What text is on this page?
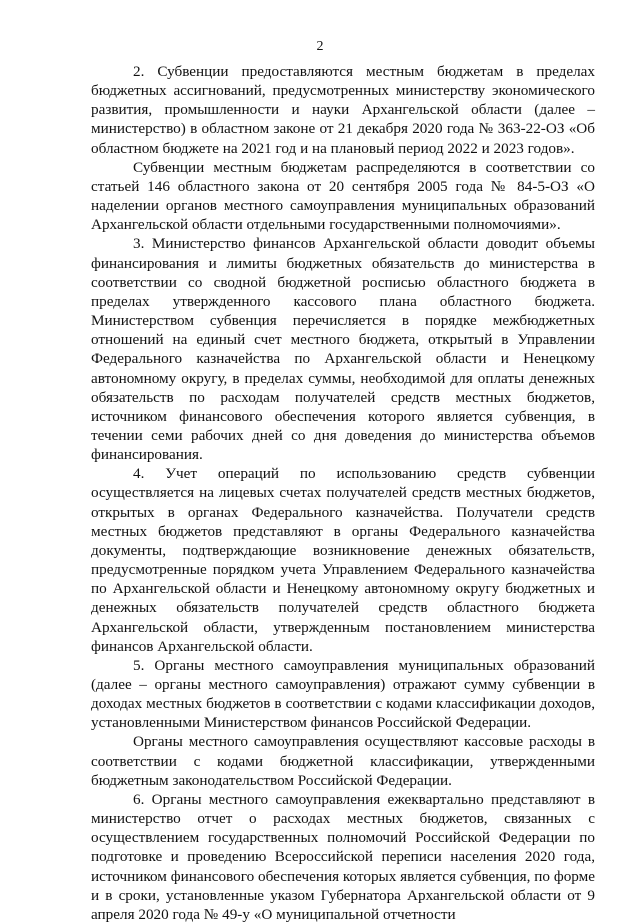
2

2. Субвенции предоставляются местным бюджетам в пределах бюджетных ассигнований, предусмотренных министерству экономического развития, промышленности и науки Архангельской области (далее – министерство) в областном законе от 21 декабря 2020 года № 363-22-ОЗ «Об областном бюджете на 2021 год и на плановый период 2022 и 2023 годов».

Субвенции местным бюджетам распределяются в соответствии со статьей 146 областного закона от 20 сентября 2005 года № 84-5-ОЗ «О наделении органов местного самоуправления муниципальных образований Архангельской области отдельными государственными полномочиями».

3. Министерство финансов Архангельской области доводит объемы финансирования и лимиты бюджетных обязательств до министерства в соответствии со сводной бюджетной росписью областного бюджета в пределах утвержденного кассового плана областного бюджета. Министерством субвенция перечисляется в порядке межбюджетных отношений на единый счет местного бюджета, открытый в Управлении Федерального казначейства по Архангельской области и Ненецкому автономному округу, в пределах суммы, необходимой для оплаты денежных обязательств по расходам получателей средств местных бюджетов, источником финансового обеспечения которого является субвенция, в течении семи рабочих дней со дня доведения до министерства объемов финансирования.

4. Учет операций по использованию средств субвенции осуществляется на лицевых счетах получателей средств местных бюджетов, открытых в органах Федерального казначейства. Получатели средств местных бюджетов представляют в органы Федерального казначейства документы, подтверждающие возникновение денежных обязательств, предусмотренные порядком учета Управлением Федерального казначейства по Архангельской области и Ненецкому автономному округу бюджетных и денежных обязательств получателей средств областного бюджета Архангельской области, утвержденным постановлением министерства финансов Архангельской области.

5. Органы местного самоуправления муниципальных образований (далее – органы местного самоуправления) отражают сумму субвенции в доходах местных бюджетов в соответствии с кодами классификации доходов, установленными Министерством финансов Российской Федерации.

Органы местного самоуправления осуществляют кассовые расходы в соответствии с кодами бюджетной классификации, утвержденными бюджетным законодательством Российской Федерации.

6. Органы местного самоуправления ежеквартально представляют в министерство отчет о расходах местных бюджетов, связанных с осуществлением государственных полномочий Российской Федерации по подготовке и проведению Всероссийской переписи населения 2020 года, источником финансового обеспечения которых является субвенция, по форме и в сроки, установленные указом Губернатора Архангельской области от 9 апреля 2020 года № 49-у «О муниципальной отчетности
